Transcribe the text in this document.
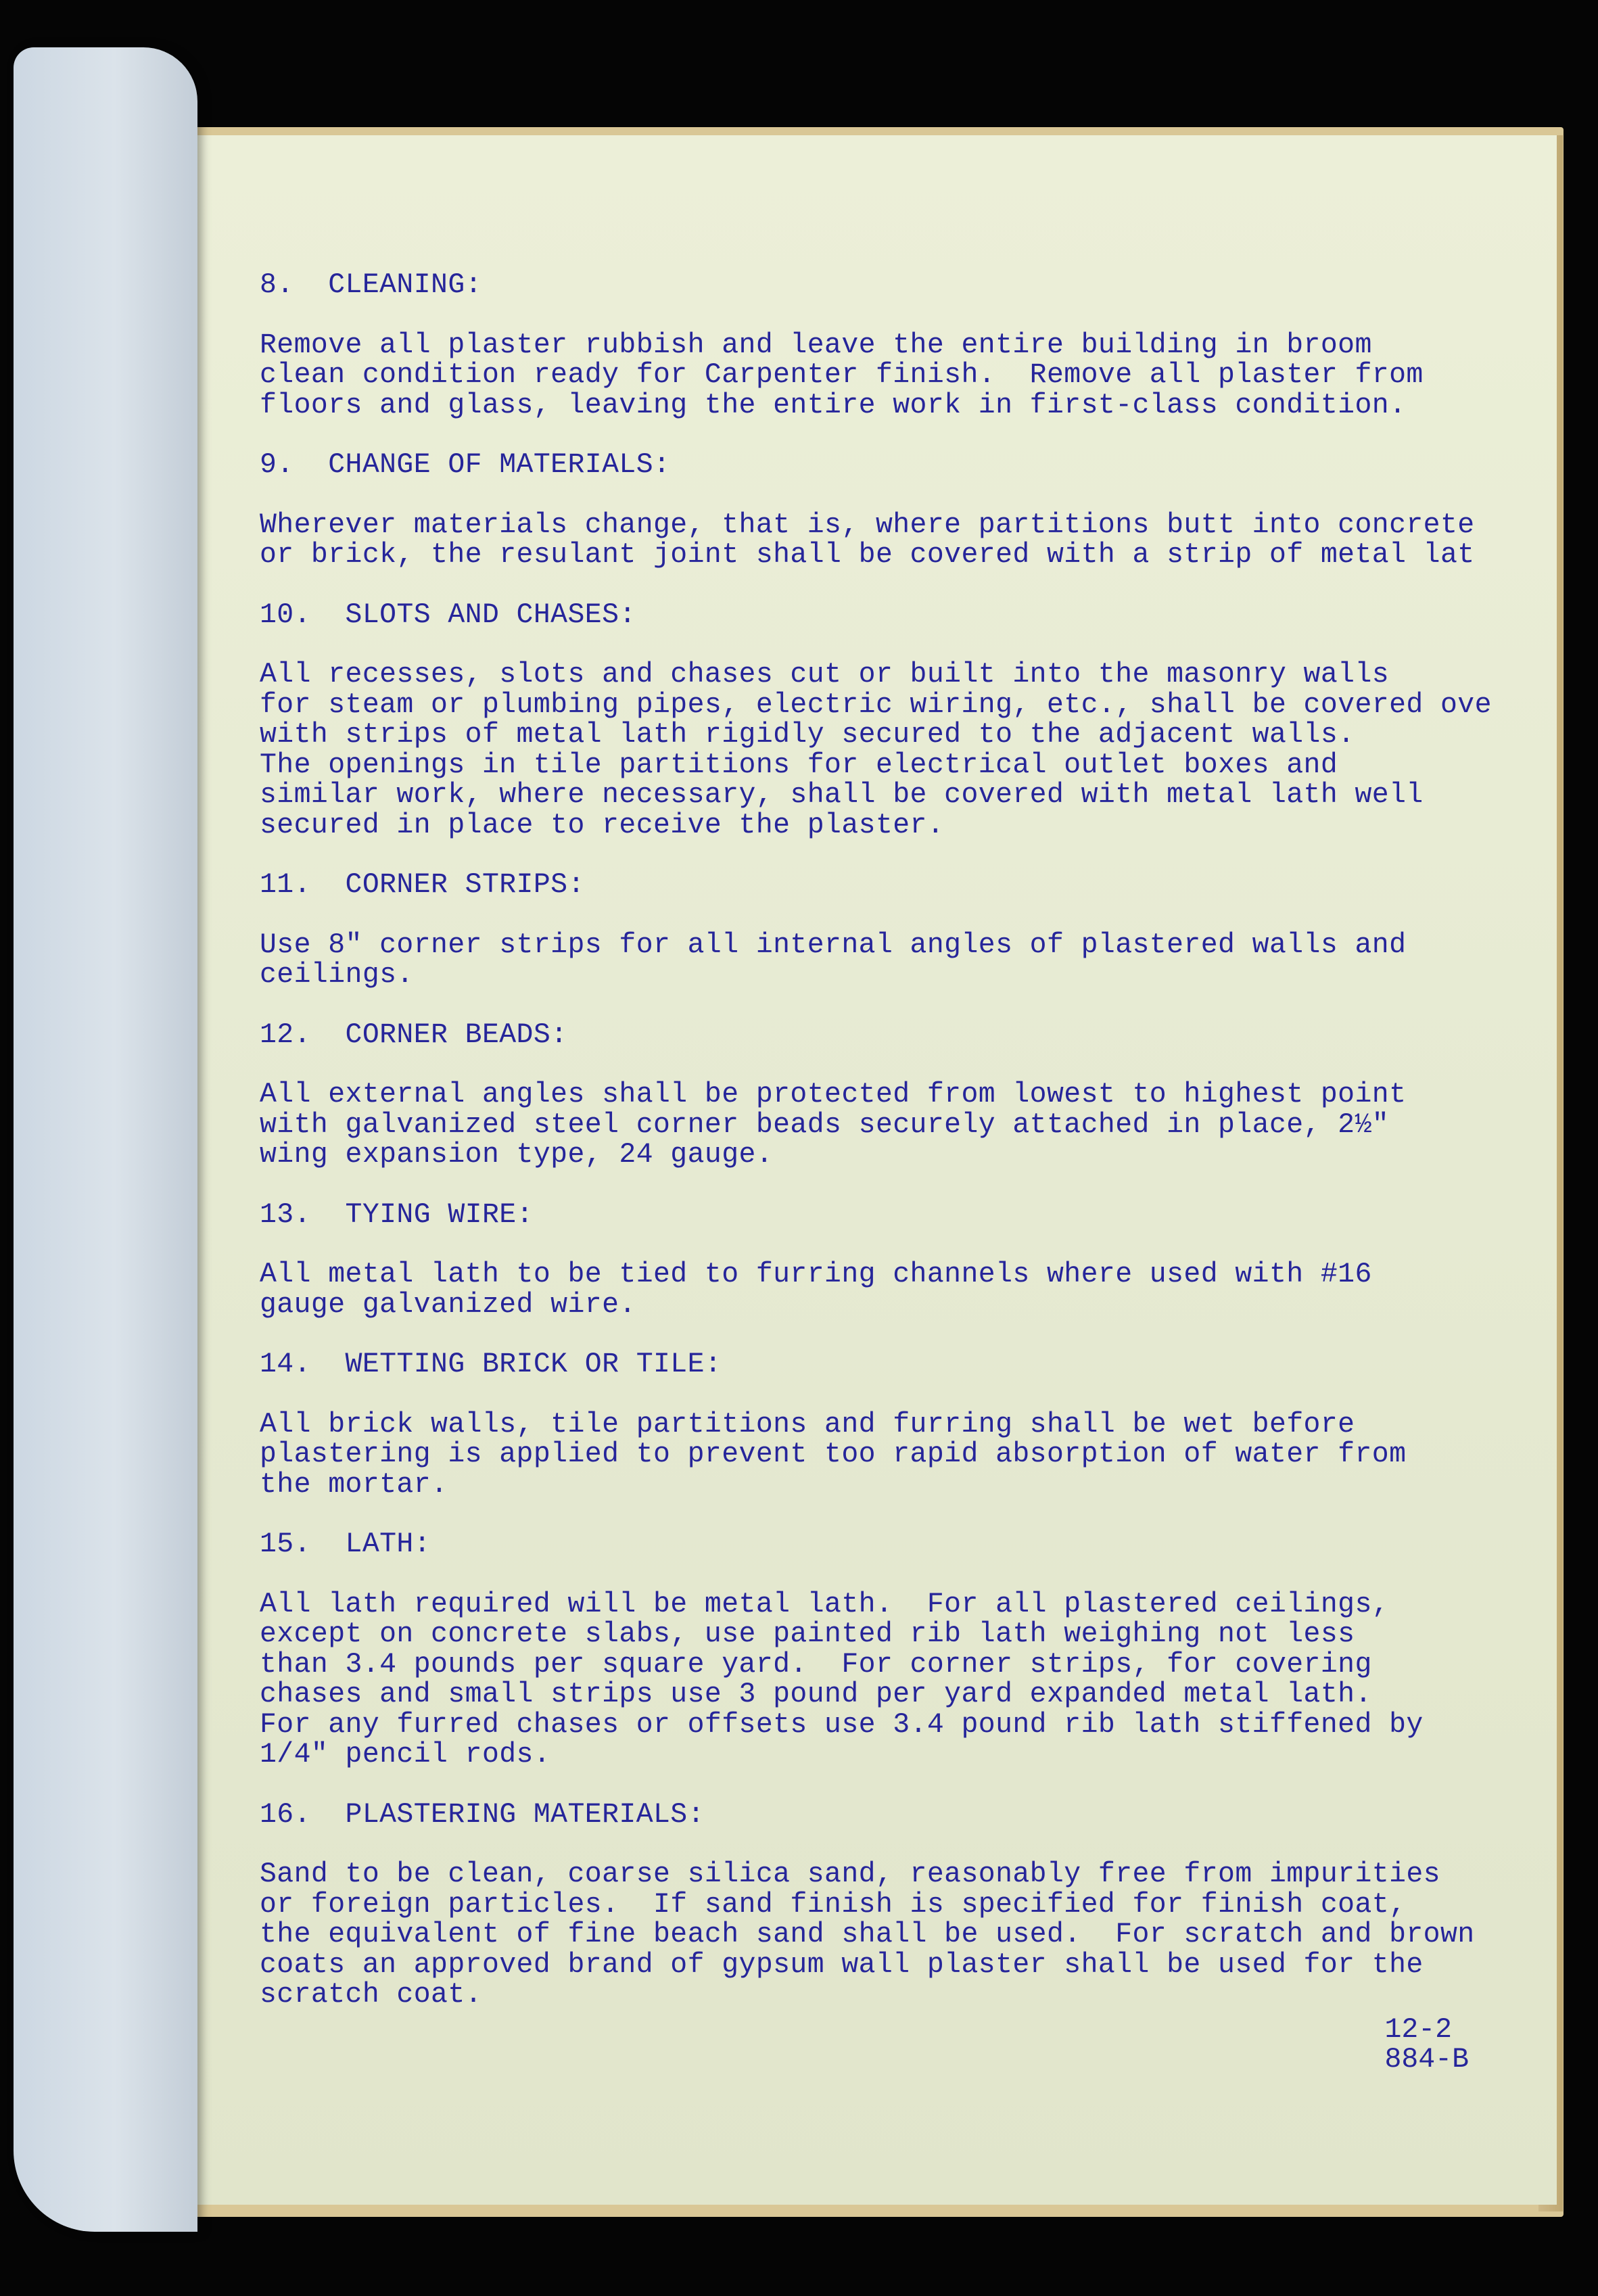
8.  CLEANING:

Remove all plaster rubbish and leave the entire building in broom

clean condition ready for Carpenter finish.  Remove all plaster from

floors and glass, leaving the entire work in first-class condition.

9.  CHANGE OF MATERIALS:

Wherever materials change, that is, where partitions butt into concrete

or brick, the resulant joint shall be covered with a strip of metal lat

10.  SLOTS AND CHASES:

All recesses, slots and chases cut or built into the masonry walls

for steam or plumbing pipes, electric wiring, etc., shall be covered ove

with strips of metal lath rigidly secured to the adjacent walls.

The openings in tile partitions for electrical outlet boxes and

similar work, where necessary, shall be covered with metal lath well

secured in place to receive the plaster.

11.  CORNER STRIPS:

Use 8" corner strips for all internal angles of plastered walls and

ceilings.

12.  CORNER BEADS:

All external angles shall be protected from lowest to highest point

with galvanized steel corner beads securely attached in place, 2½"

wing expansion type, 24 gauge.

13.  TYING WIRE:

All metal lath to be tied to furring channels where used with #16

gauge galvanized wire.

14.  WETTING BRICK OR TILE:

All brick walls, tile partitions and furring shall be wet before

plastering is applied to prevent too rapid absorption of water from

the mortar.

15.  LATH:

All lath required will be metal lath.  For all plastered ceilings,

except on concrete slabs, use painted rib lath weighing not less

than 3.4 pounds per square yard.  For corner strips, for covering

chases and small strips use 3 pound per yard expanded metal lath.

For any furred chases or offsets use 3.4 pound rib lath stiffened by

1/4" pencil rods.

16.  PLASTERING MATERIALS:

Sand to be clean, coarse silica sand, reasonably free from impurities

or foreign particles.  If sand finish is specified for finish coat,

the equivalent of fine beach sand shall be used.  For scratch and brown

coats an approved brand of gypsum wall plaster shall be used for the

scratch coat.

12-2
884-B
